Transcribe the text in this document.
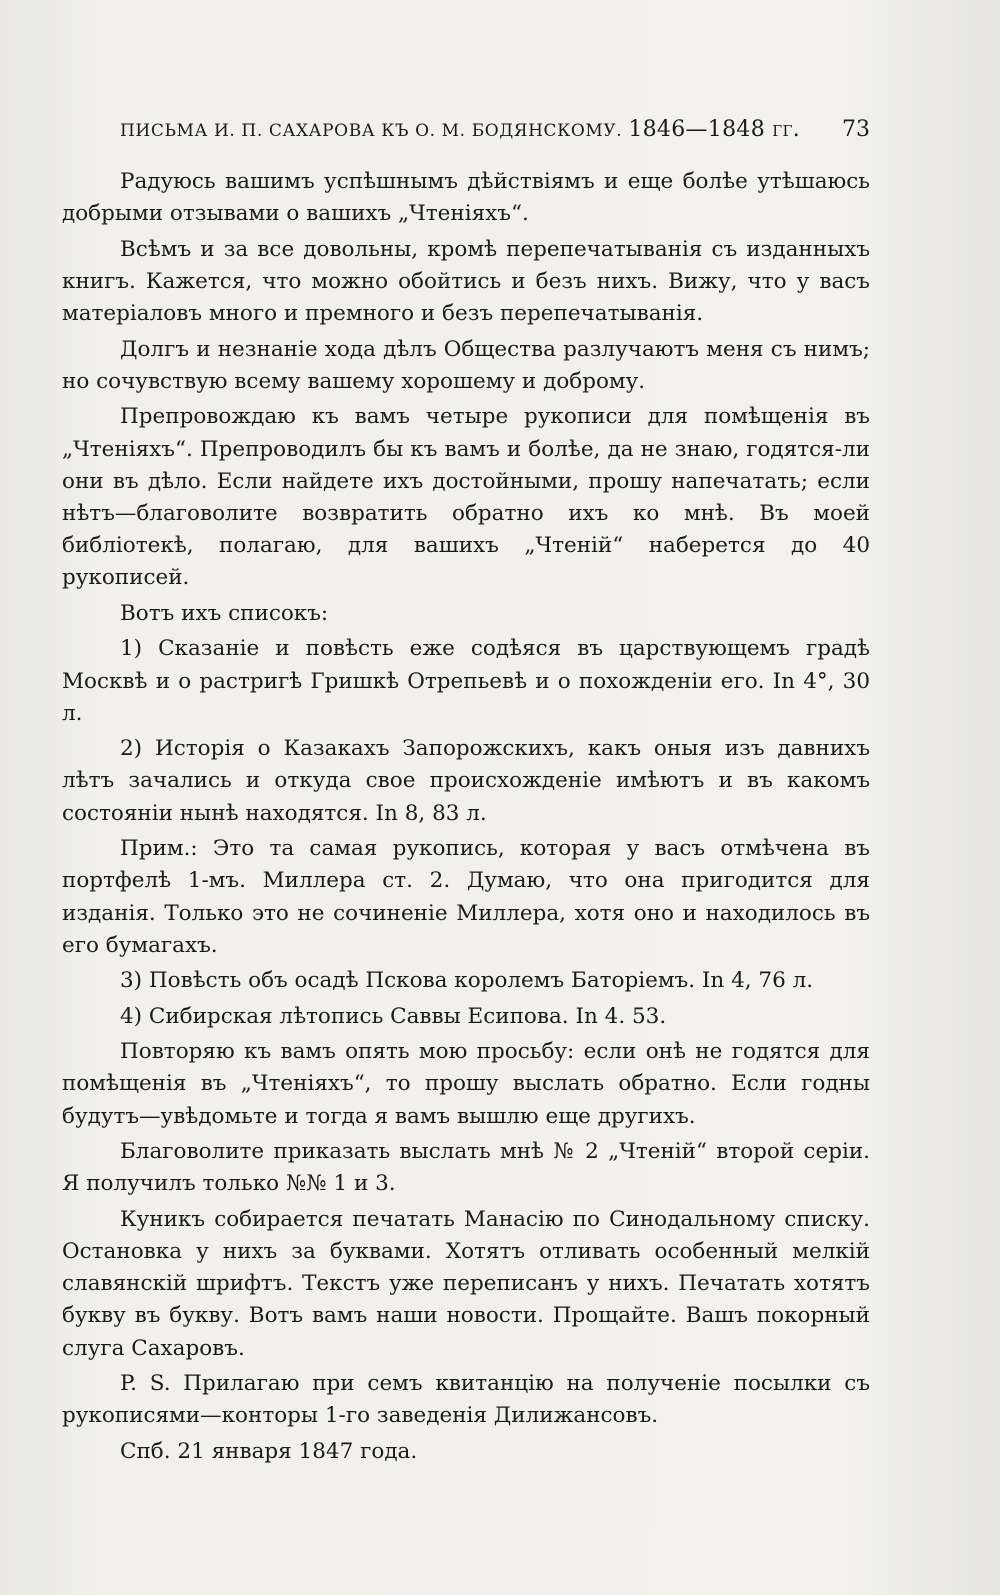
ПИСЬМА И. П. САХАРОВА КЪ О. М. БОДЯНСКОМУ. 1846—1848 гг. 73

Радуюсь вашимъ успѣшнымъ дѣйствіямъ и еще болѣе утѣшаюсь добрыми отзывами о вашихъ „Чтеніяхъ“.

Всѣмъ и за все довольны, кромѣ перепечатыванія съ изданныхъ книгъ. Кажется, что можно обойтись и безъ нихъ. Вижу, что у васъ матеріаловъ много и премного и безъ перепечатыванія.

Долгъ и незнаніе хода дѣлъ Общества разлучаютъ меня съ нимъ; но сочувствую всему вашему хорошему и доброму.

Препровождаю къ вамъ четыре рукописи для помѣщенія въ „Чтеніяхъ“. Препроводилъ бы къ вамъ и болѣе, да не знаю, годятся-ли они въ дѣло. Если найдете ихъ достойными, прошу напечатать; если нѣтъ—благоволите возвратить обратно ихъ ко мнѣ. Въ моей библіотекѣ, полагаю, для вашихъ „Чтеній“ наберется до 40 рукописей.

Вотъ ихъ списокъ:

1) Сказаніе и повѣсть еже содѣяся въ царствующемъ градѣ Москвѣ и о растригѣ Гришкѣ Отрепьевѣ и о похожденіи его. In 4°, 30 л.

2) Исторія о Казакахъ Запорожскихъ, какъ оныя изъ давнихъ лѣтъ зачались и откуда свое происхожденіе имѣютъ и въ какомъ состояніи нынѣ находятся. In 8, 83 л.

Прим.: Это та самая рукопись, которая у васъ отмѣчена въ портфелѣ 1-мъ. Миллера ст. 2. Думаю, что она пригодится для изданія. Только это не сочиненіе Миллера, хотя оно и находилось въ его бумагахъ.

3) Повѣсть объ осадѣ Пскова королемъ Баторіемъ. In 4, 76 л.

4) Сибирская лѣтопись Саввы Есипова. In 4. 53.

Повторяю къ вамъ опять мою просьбу: если онѣ не годятся для помѣщенія въ „Чтеніяхъ“, то прошу выслать обратно. Если годны будутъ—увѣдомьте и тогда я вамъ вышлю еще другихъ.

Благоволите приказать выслать мнѣ № 2 „Чтеній“ второй серіи. Я получилъ только №№ 1 и 3.

Куникъ собирается печатать Манасію по Синодальному списку. Остановка у нихъ за буквами. Хотятъ отливать особенный мелкій славянскій шрифтъ. Текстъ уже переписанъ у нихъ. Печатать хотятъ букву въ букву. Вотъ вамъ наши новости. Прощайте. Вашъ покорный слуга Сахаровъ.

P. S. Прилагаю при семъ квитанцію на полученіе посылки съ рукописями—конторы 1-го заведенія Дилижансовъ.

Спб. 21 января 1847 года.
